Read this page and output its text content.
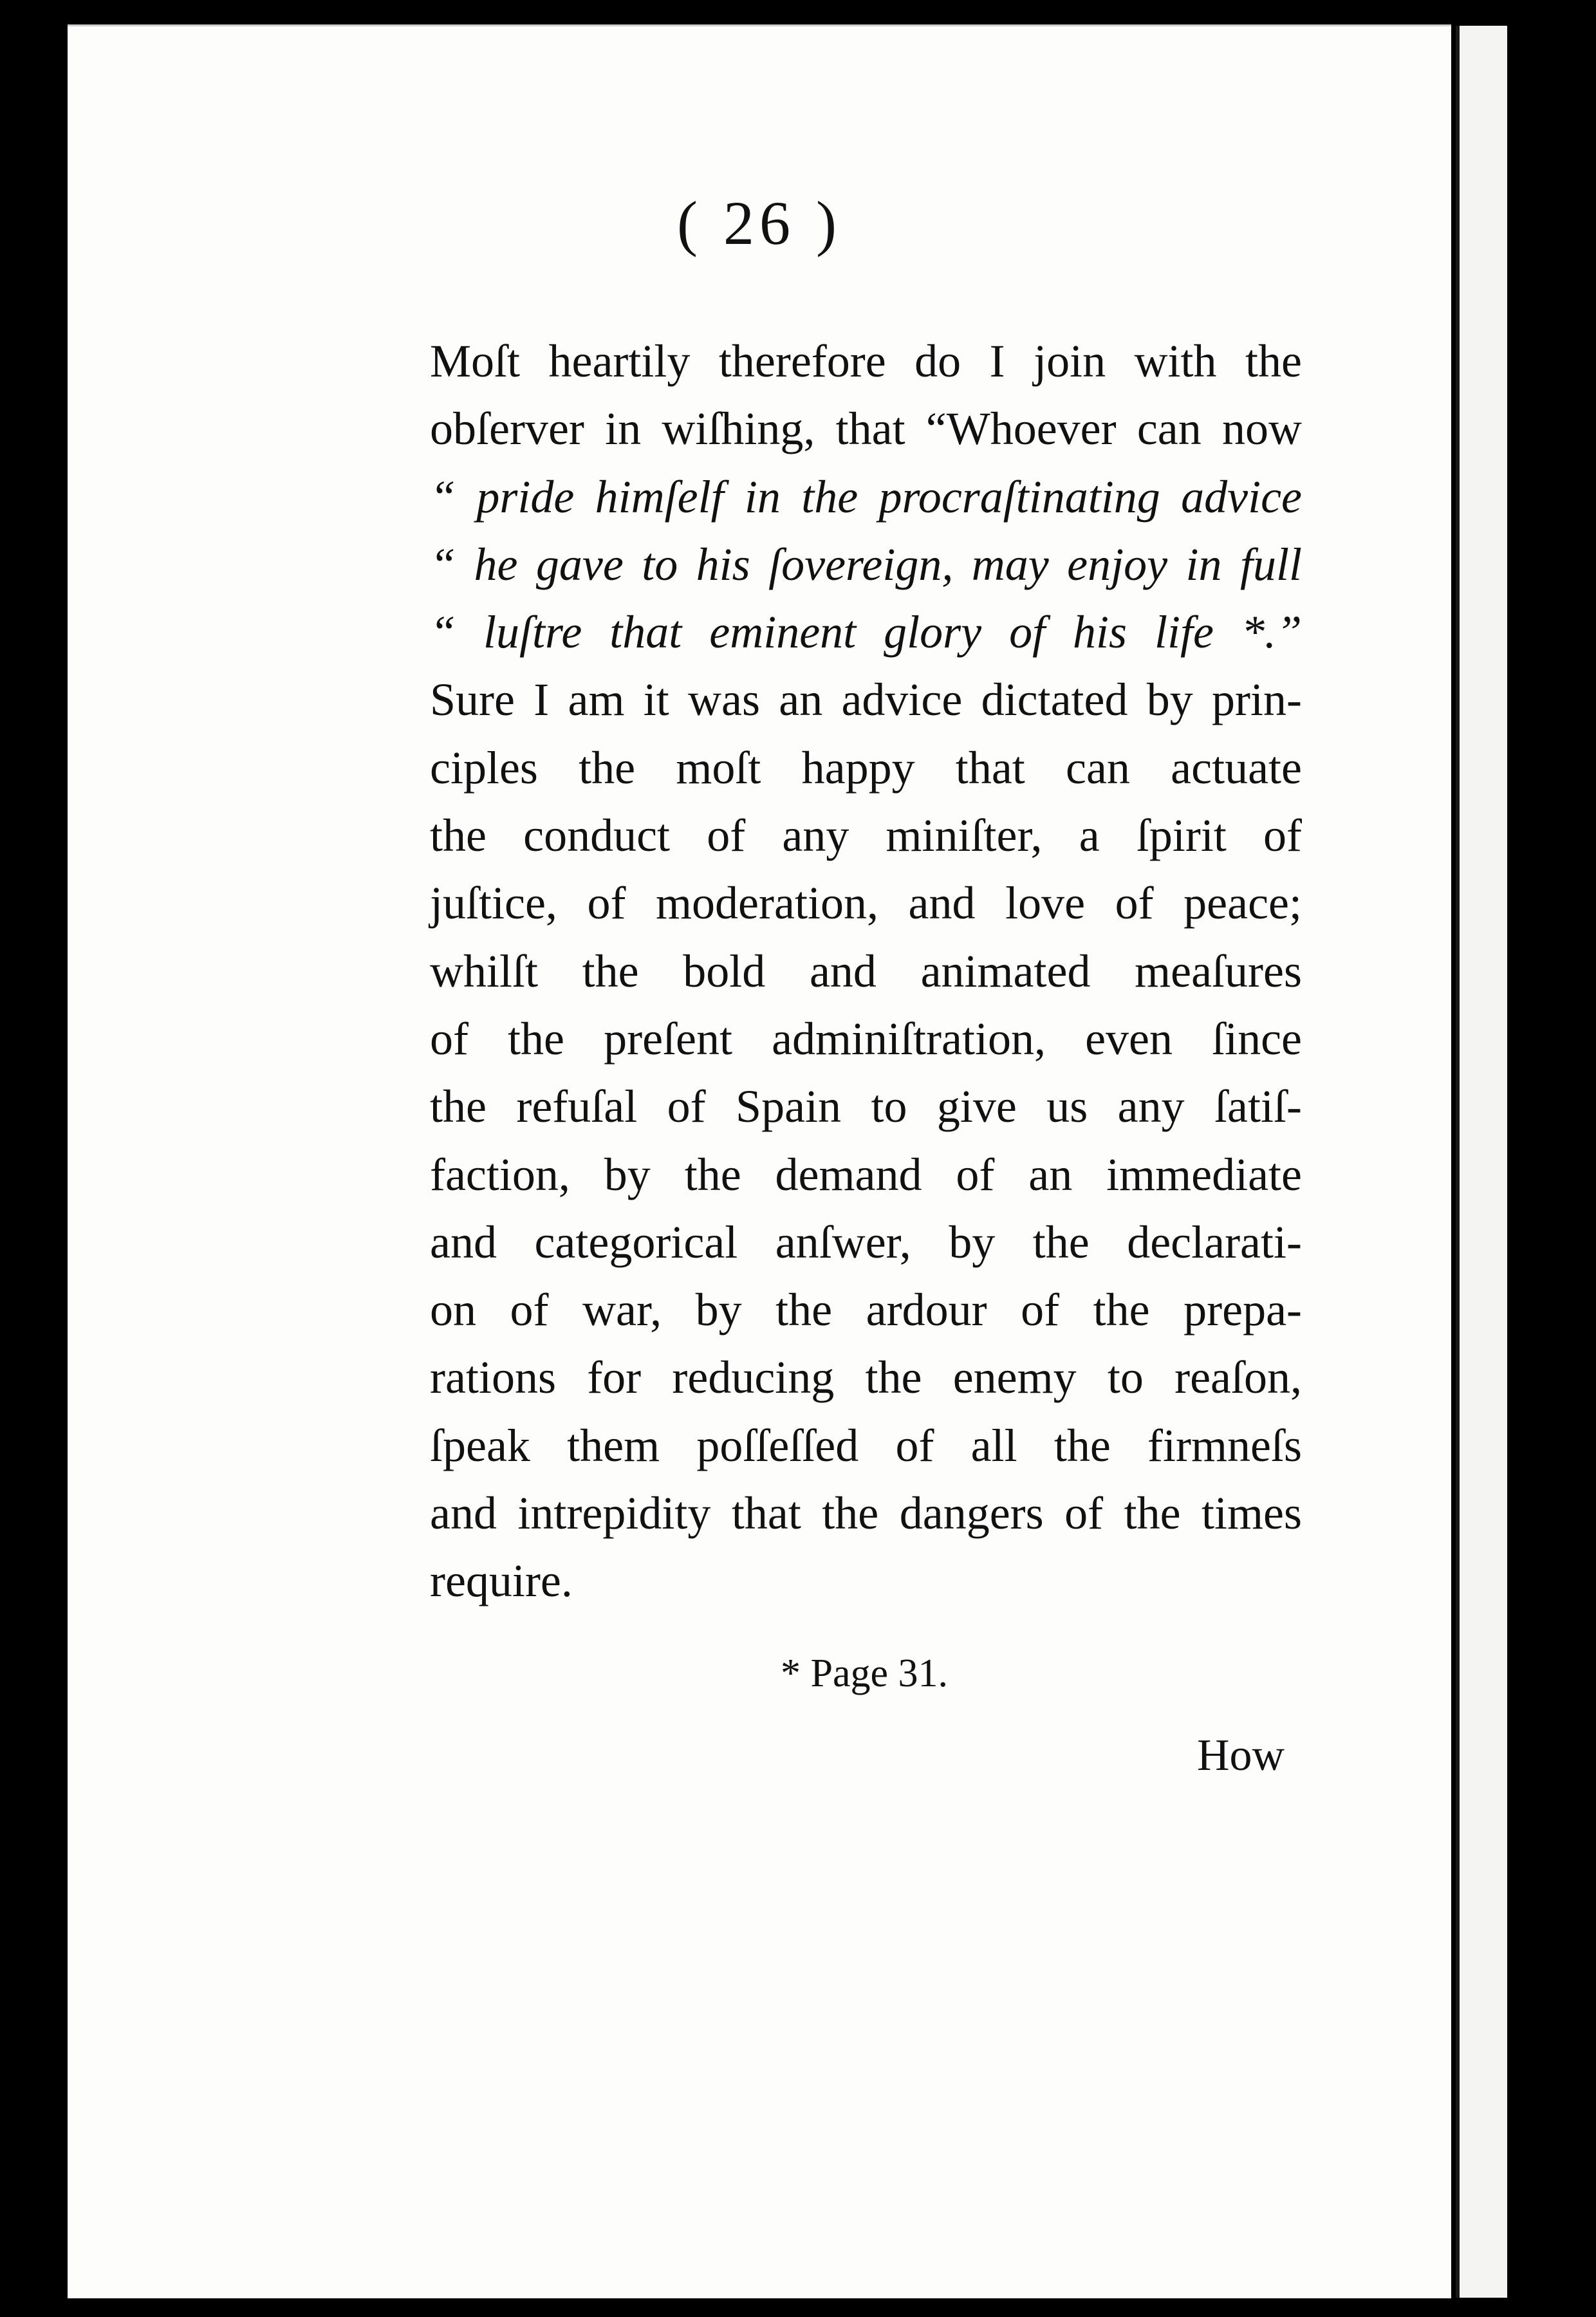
( 26 )
Moſt heartily therefore do I join with the
obſerver in wiſhing, that “Whoever can now
“ pride himſelf in the procraſtinating advice
“ he gave to his ſovereign, may enjoy in full
“ luſtre that eminent glory of his life *.”
Sure I am it was an advice dictated by prin-
ciples the moſt happy that can actuate
the conduct of any miniſter, a ſpirit of
juſtice, of moderation, and love of peace;
whilſt the bold and animated meaſures
of the preſent adminiſtration, even ſince
the refuſal of Spain to give us any ſatiſ-
faction, by the demand of an immediate
and categorical anſwer, by the declarati-
on of war, by the ardour of the prepa-
rations for reducing the enemy to reaſon,
ſpeak them poſſeſſed of all the firmneſs
and intrepidity that the dangers of the times
require.
* Page 31.
How
